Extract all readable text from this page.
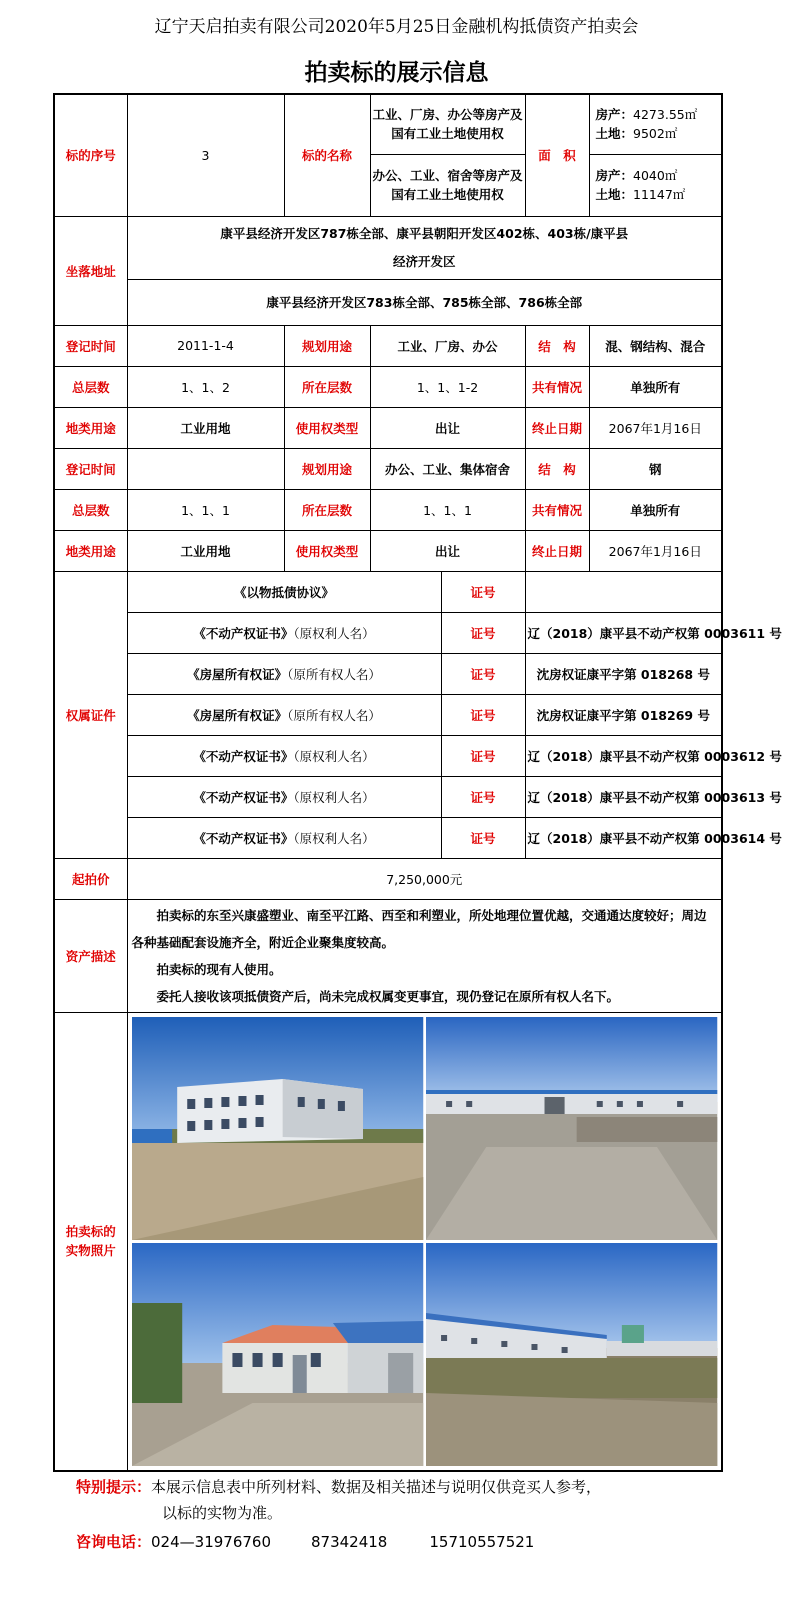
辽宁天启拍卖有限公司2020年5月25日金融机构抵债资产拍卖会
拍卖标的展示信息
标的序号	3	标的名称	工业、厂房、办公等房产及国有工业土地使用权		面　积	房产：4273.55㎡
土地：9502㎡
			办公、工业、宿舍等房产及国有工业土地使用权			房产：4040㎡
土地：11147㎡
坐落地址	康平县经济开发区787栋全部、康平县朝阳开发区402栋、403栋/康平县经济开发区					
	康平县经济开发区783栋全部、785栋全部、786栋全部					
登记时间	2011-1-4	规划用途	工业、厂房、办公		结　构	混、钢结构、混合
总层数	1、1、2	所在层数	1、1、1-2		共有情况	单独所有
地类用途	工业用地	使用权类型	出让		终止日期	2067年1月16日
登记时间		规划用途	办公、工业、集体宿舍		结　构	钢
总层数	1、1、1	所在层数	1、1、1		共有情况	单独所有
地类用途	工业用地	使用权类型	出让		终止日期	2067年1月16日
权属证件	《以物抵债协议》			证号		
	《不动产权证书》（原权利人名）			证号	辽（2018）康平县不动产权第 0003611 号	
	《房屋所有权证》（原所有权人名）			证号	沈房权证康平字第 018268 号	
	《房屋所有权证》（原所有权人名）			证号	沈房权证康平字第 018269 号	
	《不动产权证书》（原权利人名）			证号	辽（2018）康平县不动产权第 0003612 号	
	《不动产权证书》（原权利人名）			证号	辽（2018）康平县不动产权第 0003613 号	
	《不动产权证书》（原权利人名）			证号	辽（2018）康平县不动产权第 0003614 号	
起拍价	7,250,000元					
资产描述	拍卖标的东至兴康盛塑业、南至平江路、西至和利塑业，所处地理位置优越，交通通达度较好；周边各种基础配套设施齐全，附近企业聚集度较高。

拍卖标的现有人使用。

委托人接收该项抵债资产后，尚未完成权属变更事宜，现仍登记在原所有权人名下。					

拍卖标的实物照片	
特别提示：本展示信息表中所列材料、数据及相关描述与说明仅供竞买人参考，
以标的实物为准。
咨询电话：024—31976760	87342418	15710557521
